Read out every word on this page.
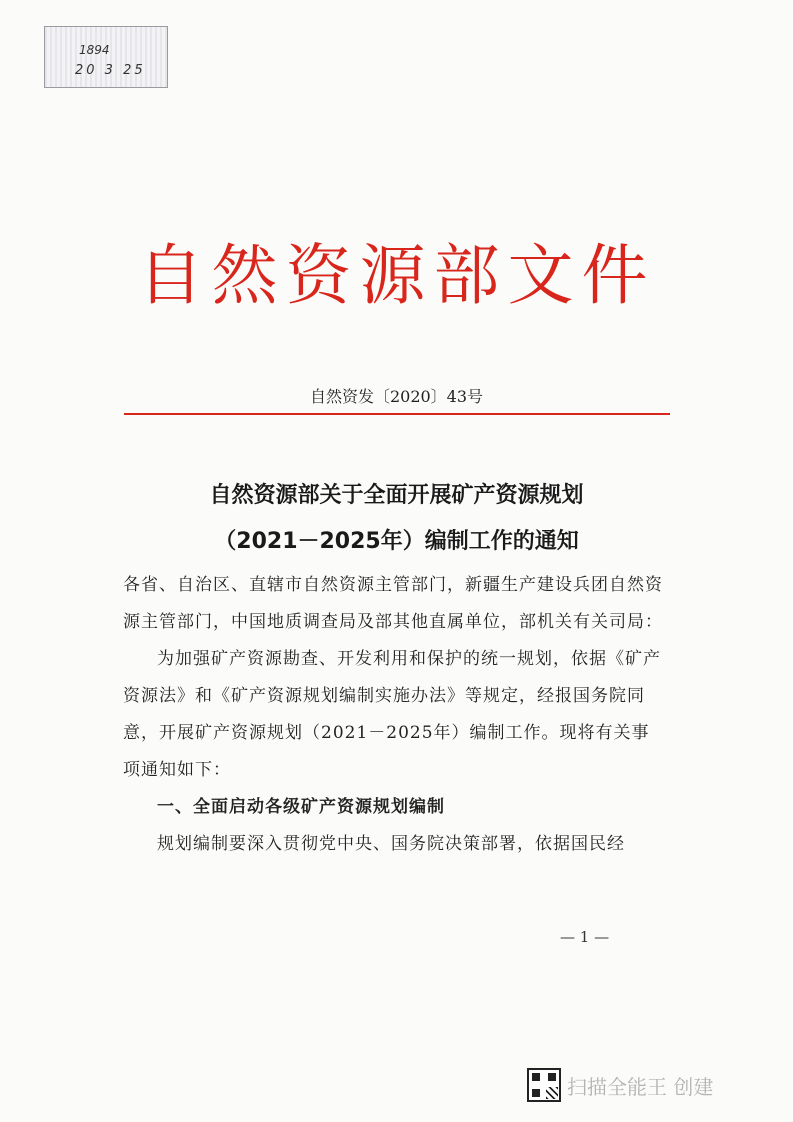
1894
20 3 25
自然资源部文件
自然资发〔2020〕43号
自然资源部关于全面开展矿产资源规划
（2021－2025年）编制工作的通知

各省、自治区、直辖市自然资源主管部门，新疆生产建设兵团自然资源主管部门，中国地质调查局及部其他直属单位，部机关有关司局：

为加强矿产资源勘查、开发利用和保护的统一规划，依据《矿产资源法》和《矿产资源规划编制实施办法》等规定，经报国务院同意，开展矿产资源规划（2021－2025年）编制工作。现将有关事项通知如下：

一、全面启动各级矿产资源规划编制

规划编制要深入贯彻党中央、国务院决策部署，依据国民经

— 1 —
扫描全能王 创建
